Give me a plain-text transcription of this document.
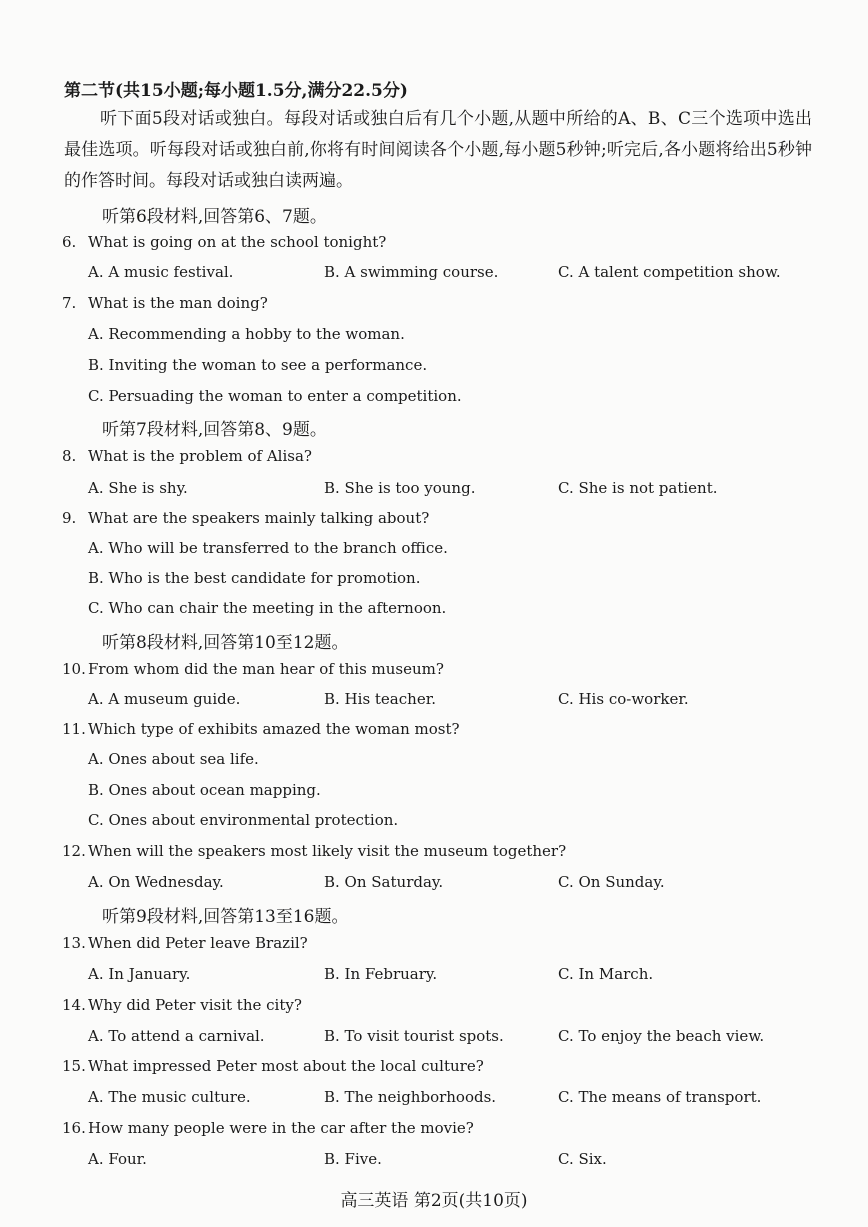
第二节(共15小题;每小题1.5分,满分22.5分)
听下面5段对话或独白。每段对话或独白后有几个小题,从题中所给的A、B、C三个选项中选出最佳选项。听每段对话或独白前,你将有时间阅读各个小题,每小题5秒钟;听完后,各小题将给出5秒钟的作答时间。每段对话或独白读两遍。
听第6段材料,回答第6、7题。
6. What is going on at the school tonight?
A. A music festival.	B. A swimming course.	C. A talent competition show.
7. What is the man doing?
A. Recommending a hobby to the woman.
B. Inviting the woman to see a performance.
C. Persuading the woman to enter a competition.
听第7段材料,回答第8、9题。
8. What is the problem of Alisa?
A. She is shy.	B. She is too young.	C. She is not patient.
9. What are the speakers mainly talking about?
A. Who will be transferred to the branch office.
B. Who is the best candidate for promotion.
C. Who can chair the meeting in the afternoon.
听第8段材料,回答第10至12题。
10. From whom did the man hear of this museum?
A. A museum guide.	B. His teacher.	C. His co-worker.
11. Which type of exhibits amazed the woman most?
A. Ones about sea life.
B. Ones about ocean mapping.
C. Ones about environmental protection.
12. When will the speakers most likely visit the museum together?
A. On Wednesday.	B. On Saturday.	C. On Sunday.
听第9段材料,回答第13至16题。
13. When did Peter leave Brazil?
A. In January.	B. In February.	C. In March.
14. Why did Peter visit the city?
A. To attend a carnival.	B. To visit tourist spots.	C. To enjoy the beach view.
15. What impressed Peter most about the local culture?
A. The music culture.	B. The neighborhoods.	C. The means of transport.
16. How many people were in the car after the movie?
A. Four.	B. Five.	C. Six.
高三英语 第2页(共10页)
